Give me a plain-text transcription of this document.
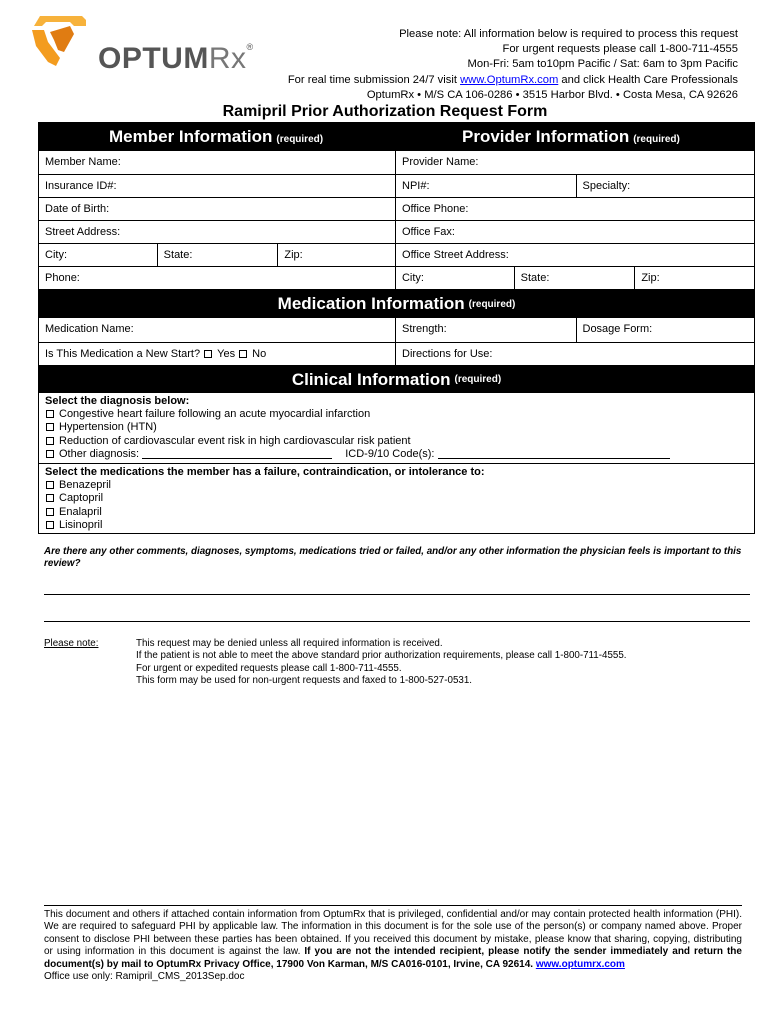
OPTUMRx®
Please note: All information below is required to process this request
For urgent requests please call 1-800-711-4555
Mon-Fri: 5am to10pm Pacific / Sat: 6am to 3pm Pacific
For real time submission 24/7 visit www.OptumRx.com and click Health Care Professionals
OptumRx • M/S CA 106-0286 • 3515 Harbor Blvd. • Costa Mesa, CA 92626
Ramipril Prior Authorization Request Form
Member Information (required)	Provider Information (required)
Member Name:	Provider Name:
Insurance ID#:	NPI#:	Specialty:
Date of Birth:	Office Phone:
Street Address:	Office Fax:
City:	State:	Zip:	Office Street Address:
Phone:	City:	State:	Zip:
Medication Information (required)
Medication Name:	Strength:	Dosage Form:
Is This Medication a New Start? Yes No	Directions for Use:
Clinical Information (required)
Select the diagnosis below:
Congestive heart failure following an acute myocardial infarction
Hypertension (HTN)
Reduction of cardiovascular event risk in high cardiovascular risk patient
Other diagnosis:	ICD-9/10 Code(s):
Select the medications the member has a failure, contraindication, or intolerance to:
Benazepril
Captopril
Enalapril
Lisinopril
Are there any other comments, diagnoses, symptoms, medications tried or failed, and/or any other information the physician feels is important to this review?
Please note:	This request may be denied unless all required information is received.
If the patient is not able to meet the above standard prior authorization requirements, please call 1-800-711-4555.
For urgent or expedited requests please call 1-800-711-4555.
This form may be used for non-urgent requests and faxed to 1-800-527-0531.
This document and others if attached contain information from OptumRx that is privileged, confidential and/or may contain protected health information (PHI). We are required to safeguard PHI by applicable law. The information in this document is for the sole use of the person(s) or company named above. Proper consent to disclose PHI between these parties has been obtained. If you received this document by mistake, please know that sharing, copying, distributing or using information in this document is against the law. If you are not the intended recipient, please notify the sender immediately and return the document(s) by mail to OptumRx Privacy Office, 17900 Von Karman, M/S CA016-0101, Irvine, CA 92614. www.optumrx.com
Office use only: Ramipril_CMS_2013Sep.doc
